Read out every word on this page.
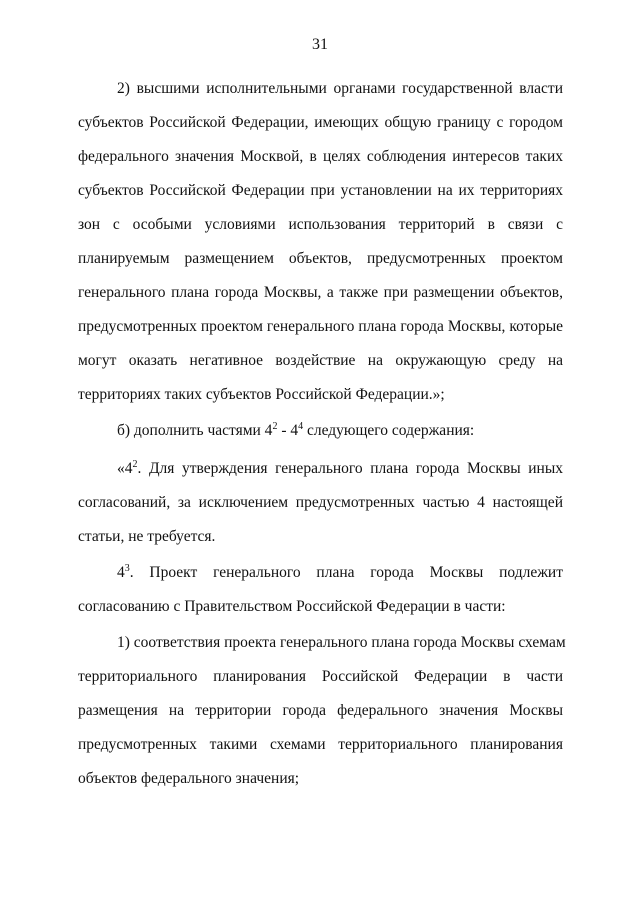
31
2) высшими исполнительными органами государственной власти
субъектов Российской Федерации, имеющих общую границу с городом
федерального значения Москвой, в целях соблюдения интересов таких
субъектов Российской Федерации при установлении на их территориях
зон с особыми условиями использования территорий в связи с
планируемым размещением объектов, предусмотренных проектом
генерального плана города Москвы, а также при размещении объектов,
предусмотренных проектом генерального плана города Москвы, которые
могут оказать негативное воздействие на окружающую среду на
территориях таких субъектов Российской Федерации.»;
б) дополнить частями $4^2 - 4^4$ следующего содержания:
«$4^2$. Для утверждения генерального плана города Москвы иных
согласований, за исключением предусмотренных частью 4 настоящей
статьи, не требуется.
$4^3$. Проект генерального плана города Москвы подлежит
согласованию с Правительством Российской Федерации в части:
1) соответствия проекта генерального плана города Москвы схемам
территориального планирования Российской Федерации в части
размещения на территории города федерального значения Москвы
предусмотренных такими схемами территориального планирования
объектов федерального значения;
